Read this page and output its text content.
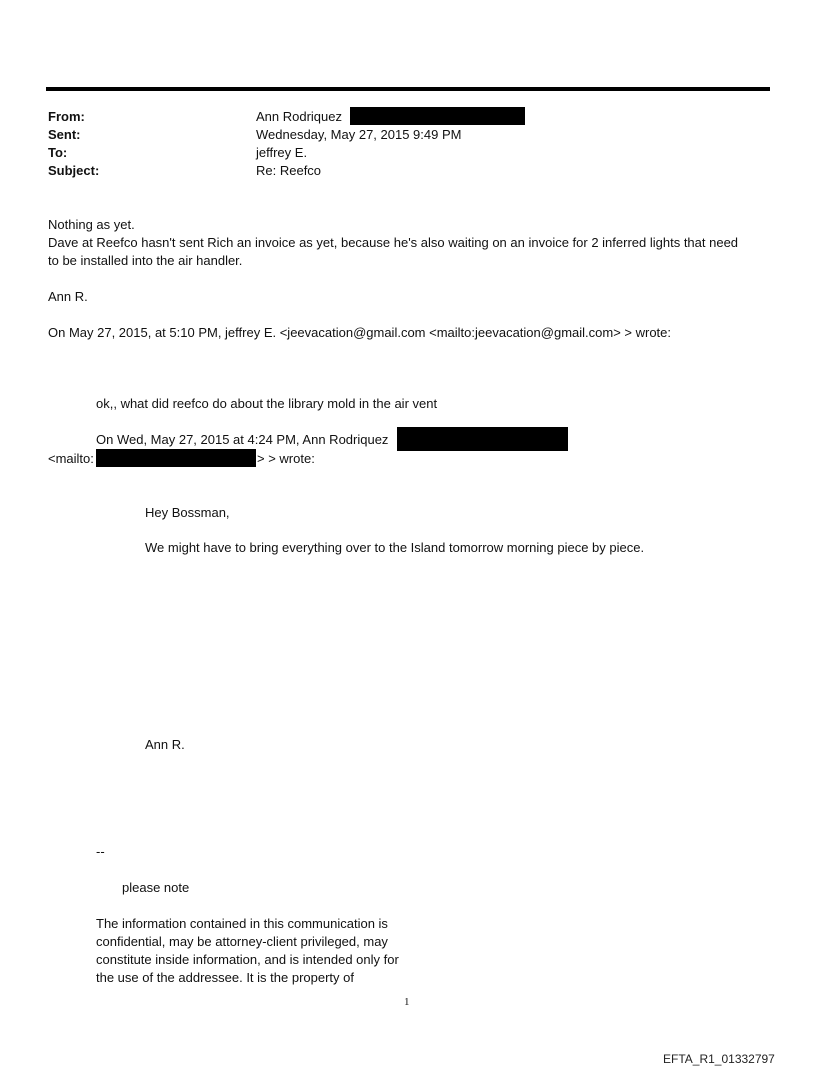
From:	Ann Rodriquez
Sent:	Wednesday, May 27, 2015 9:49 PM
To:	jeffrey E.
Subject:	Re: Reefco
Nothing as yet.
Dave at Reefco hasn't sent Rich an invoice as yet, because he's also waiting on an invoice for 2 inferred lights that need
to be installed into the air handler.
Ann R.
On May 27, 2015, at 5:10 PM, jeffrey E. <jeevacation@gmail.com <mailto:jeevacation@gmail.com> > wrote:
ok,, what did reefco do about the library mold in the air vent
On Wed, May 27, 2015 at 4:24 PM, Ann Rodriquez
<mailto:	> > wrote:
Hey Bossman,
We might have to bring everything over to the Island tomorrow morning piece by piece.
Ann R.
--
please note
The information contained in this communication is
confidential, may be attorney-client privileged, may
constitute inside information, and is intended only for
the use of the addressee. It is the property of
1
EFTA_R1_01332797
